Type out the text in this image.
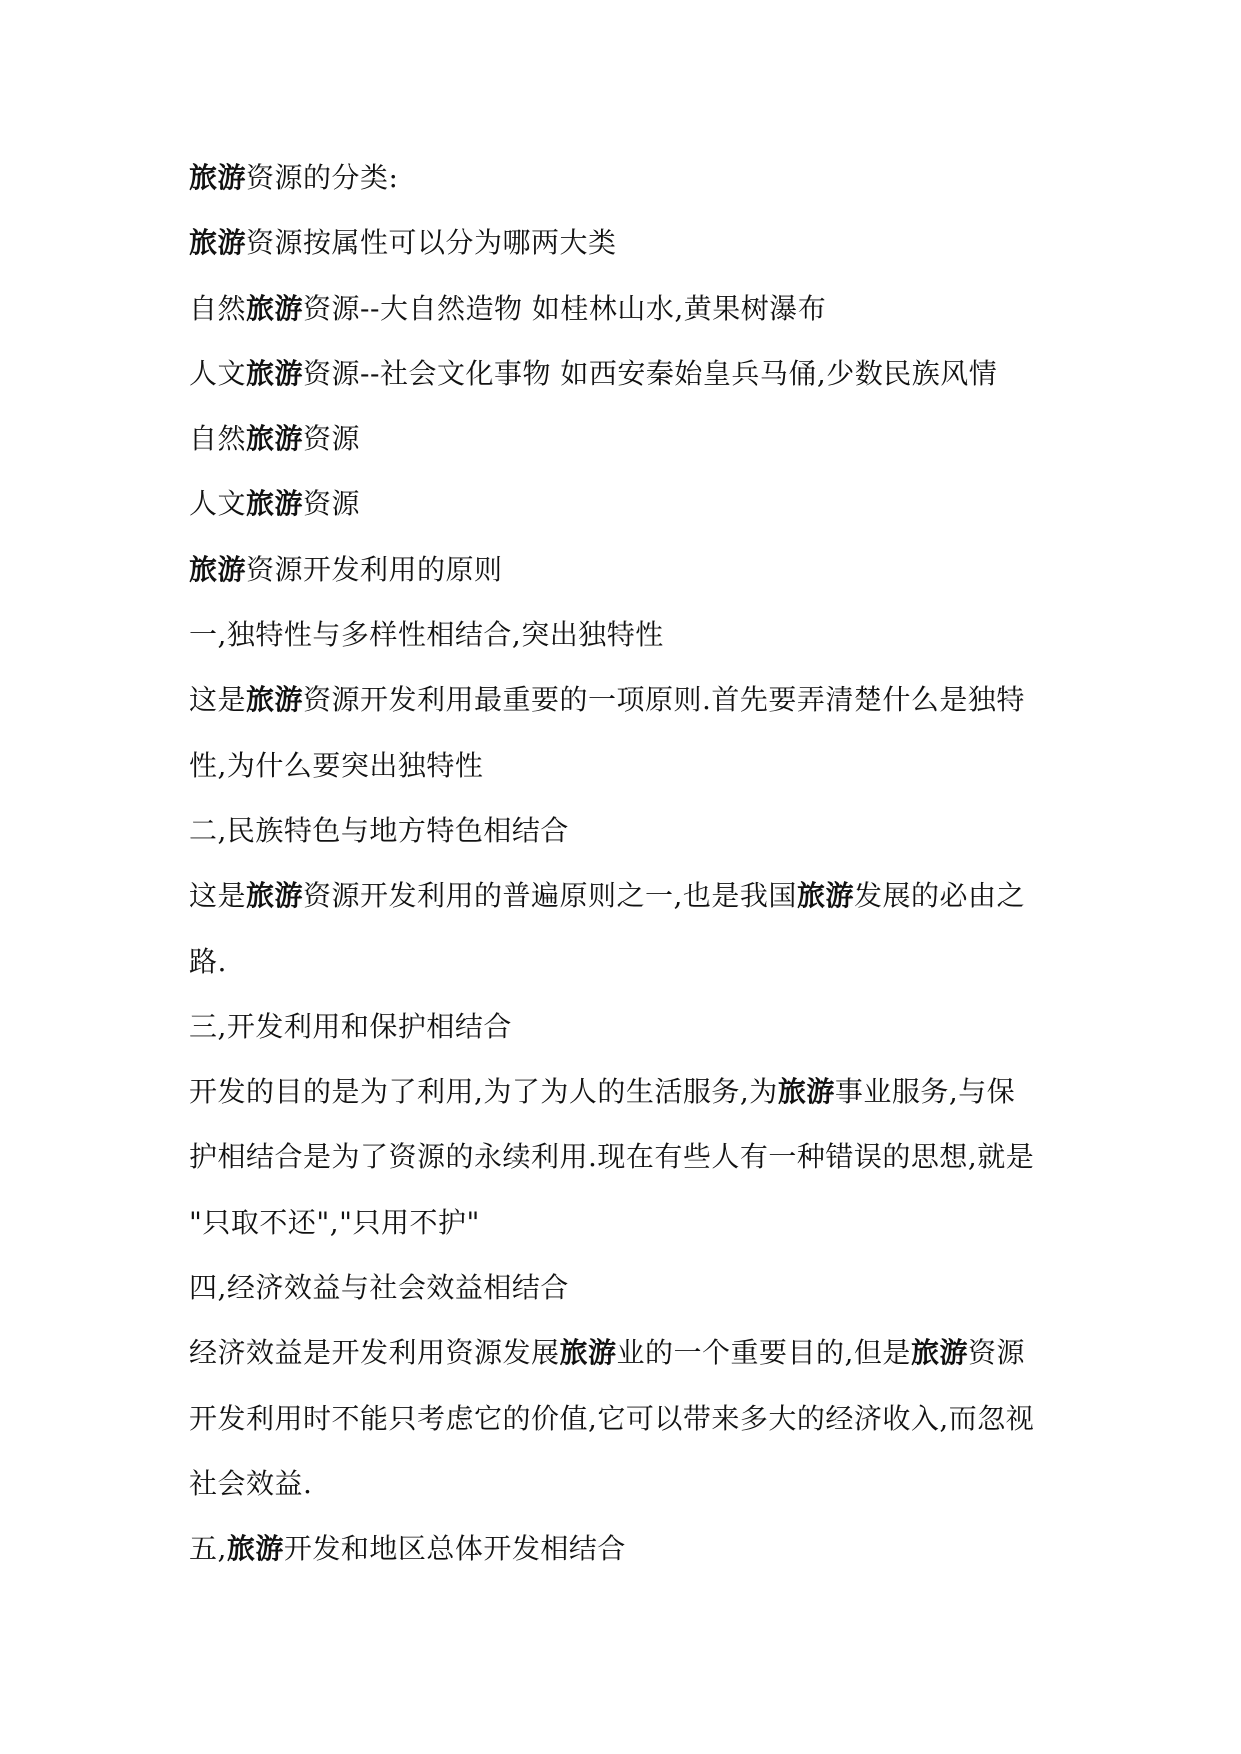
旅游资源的分类:
旅游资源按属性可以分为哪两大类
自然旅游资源--大自然造物 如桂林山水,黄果树瀑布
人文旅游资源--社会文化事物 如西安秦始皇兵马俑,少数民族风情
自然旅游资源
人文旅游资源
旅游资源开发利用的原则
一,独特性与多样性相结合,突出独特性
这是旅游资源开发利用最重要的一项原则.首先要弄清楚什么是独特
性,为什么要突出独特性
二,民族特色与地方特色相结合
这是旅游资源开发利用的普遍原则之一,也是我国旅游发展的必由之
路.
三,开发利用和保护相结合
开发的目的是为了利用,为了为人的生活服务,为旅游事业服务,与保
护相结合是为了资源的永续利用.现在有些人有一种错误的思想,就是
"只取不还","只用不护"
四,经济效益与社会效益相结合
经济效益是开发利用资源发展旅游业的一个重要目的,但是旅游资源
开发利用时不能只考虑它的价值,它可以带来多大的经济收入,而忽视
社会效益.
五,旅游开发和地区总体开发相结合
